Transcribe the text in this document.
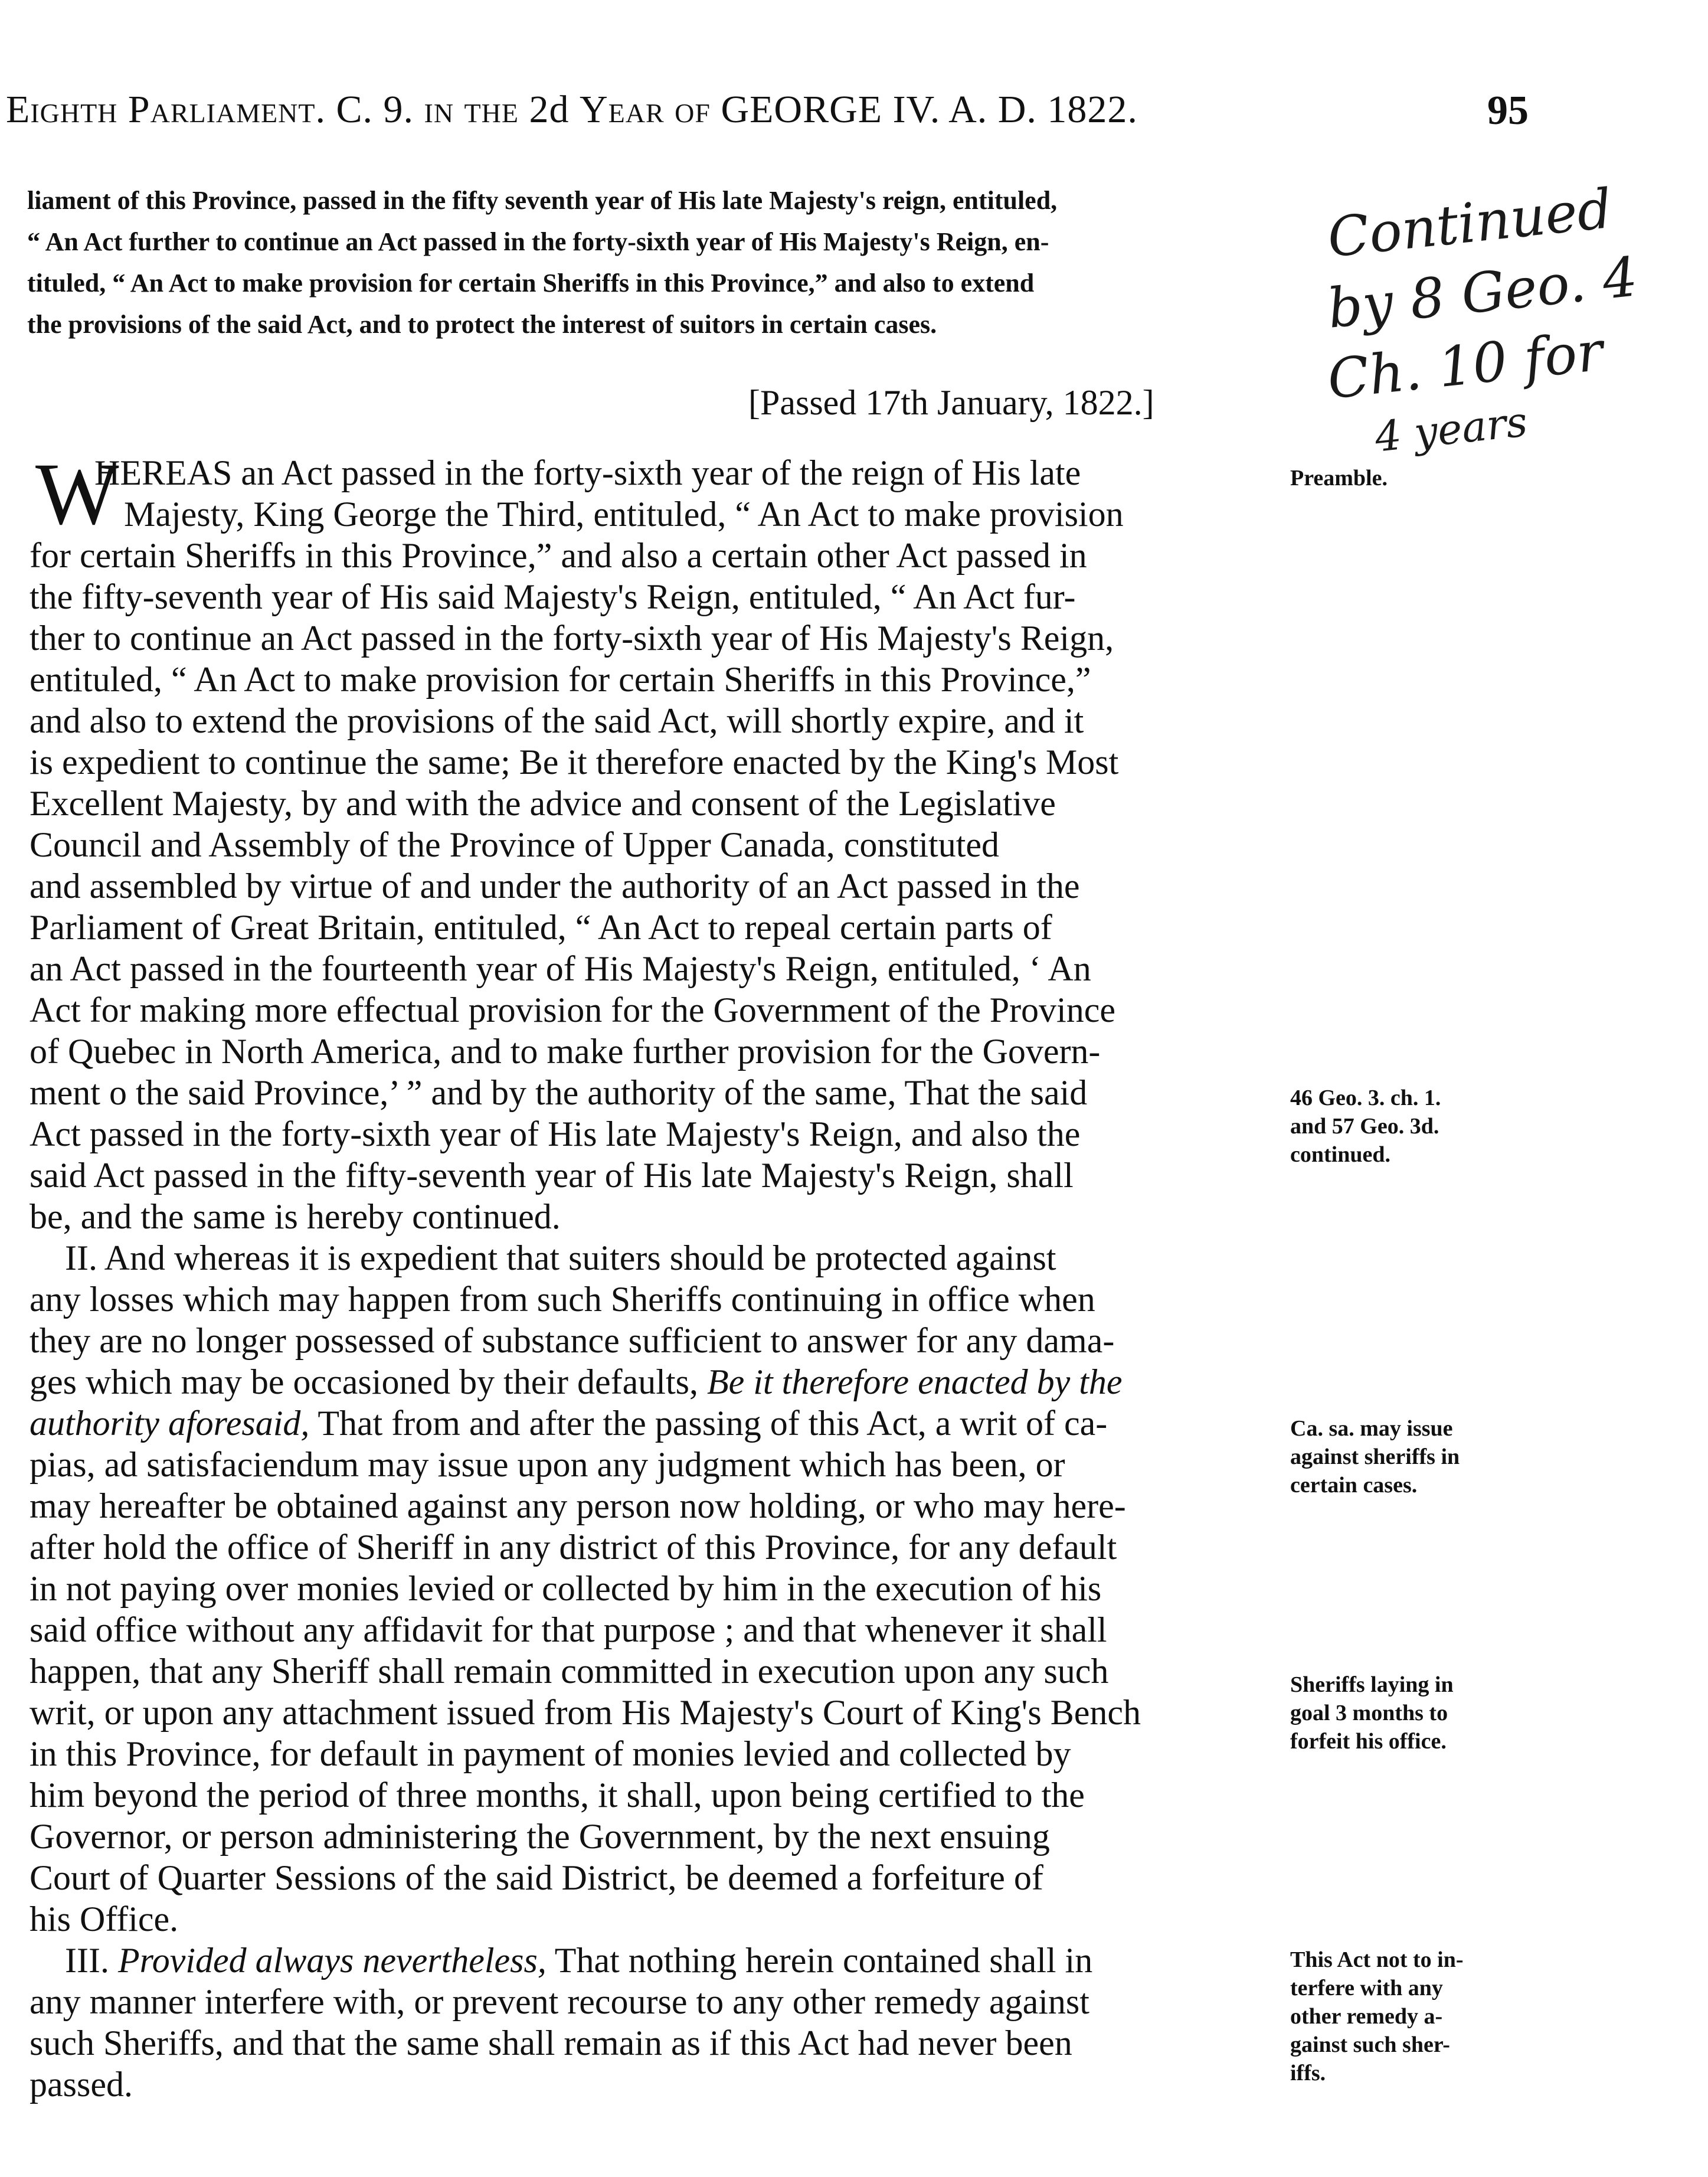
Eighth Parliament. C. 9. in the 2d Year of GEORGE IV. A. D. 1822.	95
liament of this Province, passed in the fifty seventh year of His late Majesty's reign, entituled,
“ An Act further to continue an Act passed in the forty-sixth year of His Majesty's Reign, en-
tituled, “ An Act to make provision for certain Sheriffs in this Province,” and also to extend
the provisions of the said Act, and to protect the interest of suitors in certain cases.
Continued
by 8 Geo. 4
Ch. 10 for
4 years
[Passed 17th January, 1822.]
W
HEREAS an Act passed in the forty-sixth year of the reign of His late
Majesty, King George the Third, entituled, “ An Act to make provision
for certain Sheriffs in this Province,” and also a certain other Act passed in
the fifty-seventh year of His said Majesty's Reign, entituled, “ An Act fur-
ther to continue an Act passed in the forty-sixth year of His Majesty's Reign,
entituled, “ An Act to make provision for certain Sheriffs in this Province,”
and also to extend the provisions of the said Act, will shortly expire, and it
is expedient to continue the same; Be it therefore enacted by the King's Most
Excellent Majesty, by and with the advice and consent of the Legislative
Council and Assembly of the Province of Upper Canada, constituted
and assembled by virtue of and under the authority of an Act passed in the
Parliament of Great Britain, entituled, “ An Act to repeal certain parts of
an Act passed in the fourteenth year of His Majesty's Reign, entituled, ‘ An
Act for making more effectual provision for the Government of the Province
of Quebec in North America, and to make further provision for the Govern-
ment o the said Province,’ ” and by the authority of the same, That the said
Act passed in the forty-sixth year of His late Majesty's Reign, and also the
said Act passed in the fifty-seventh year of His late Majesty's Reign, shall
be, and the same is hereby continued.
II. And whereas it is expedient that suiters should be protected against
any losses which may happen from such Sheriffs continuing in office when
they are no longer possessed of substance sufficient to answer for any dama-
ges which may be occasioned by their defaults, Be it therefore enacted by the
authority aforesaid, That from and after the passing of this Act, a writ of ca-
pias, ad satisfaciendum may issue upon any judgment which has been, or
may hereafter be obtained against any person now holding, or who may here-
after hold the office of Sheriff in any district of this Province, for any default
in not paying over monies levied or collected by him in the execution of his
said office without any affidavit for that purpose ; and that whenever it shall
happen, that any Sheriff shall remain committed in execution upon any such
writ, or upon any attachment issued from His Majesty's Court of King's Bench
in this Province, for default in payment of monies levied and collected by
him beyond the period of three months, it shall, upon being certified to the
Governor, or person administering the Government, by the next ensuing
Court of Quarter Sessions of the said District, be deemed a forfeiture of
his Office.
III. Provided always nevertheless, That nothing herein contained shall in
any manner interfere with, or prevent recourse to any other remedy against
such Sheriffs, and that the same shall remain as if this Act had never been
passed.
Preamble.
46 Geo. 3. ch. 1.
and 57 Geo. 3d.
continued.
Ca. sa. may issue
against sheriffs in
certain cases.
Sheriffs laying in
goal 3 months to
forfeit his office.
This Act not to in-
terfere with any
other remedy a-
gainst such sher-
iffs.
